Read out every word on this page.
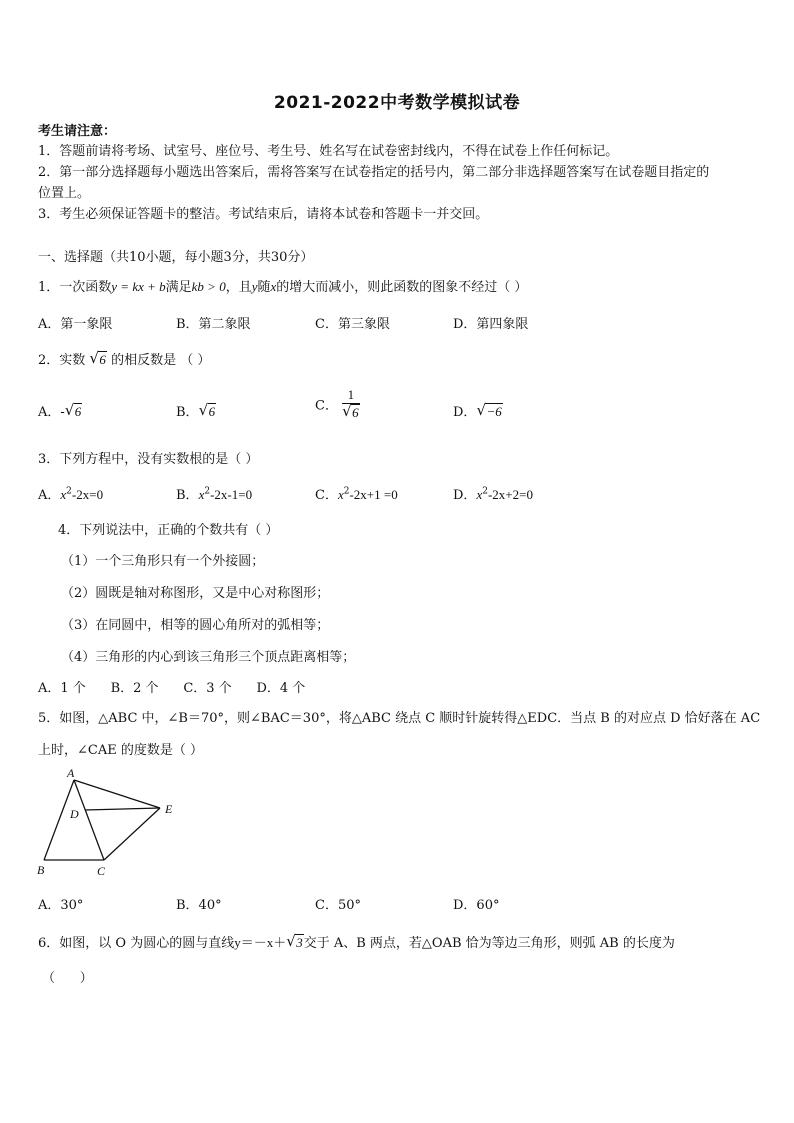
2021-2022中考数学模拟试卷
考生请注意：
1．答题前请将考场、试室号、座位号、考生号、姓名写在试卷密封线内，不得在试卷上作任何标记。
2．第一部分选择题每小题选出答案后，需将答案写在试卷指定的括号内，第二部分非选择题答案写在试卷题目指定的
位置上。
3．考生必须保证答题卡的整洁。考试结束后，请将本试卷和答题卡一并交回。
一、选择题（共10小题，每小题3分，共30分）
1．一次函数y = kx + b满足kb > 0，且y随x的增大而减小，则此函数的图象不经过（ ）
A．第一象限	B．第二象限	C．第三象限	D．第四象限
2．实数 √ 6 的相反数是 （ ）
A．- √ 6	B． √ 6	C． $\frac{1}{√ 6}$	D． √ −6
3．下列方程中，没有实数根的是（ ）
A．$x^2-2x=0$	B．$x^2-2x-1=0$	C．$x^2-2x+1 =0$	D．$x^2-2x+2=0$
4．下列说法中，正确的个数共有（ ）
（1）一个三角形只有一个外接圆；
（2）圆既是轴对称图形，又是中心对称图形；
（3）在同圆中，相等的圆心角所对的弧相等；
（4）三角形的内心到该三角形三个顶点距离相等；
A．1 个      B．2 个      C．3 个      D．4 个
5．如图，△ABC 中，∠B＝70°，则∠BAC＝30°，将△ABC 绕点 C 顺时针旋转得△EDC．当点 B 的对应点 D 恰好落在 AC
上时，∠CAE 的度数是（ ）
A
D	E
B	C
A．30°	B．40°	C．50°	D．60°
6．如图，以 O 为圆心的圆与直线y＝－x＋ √ 3交于 A、B 两点，若△OAB 恰为等边三角形，则弧 AB 的长度为
（      ）
